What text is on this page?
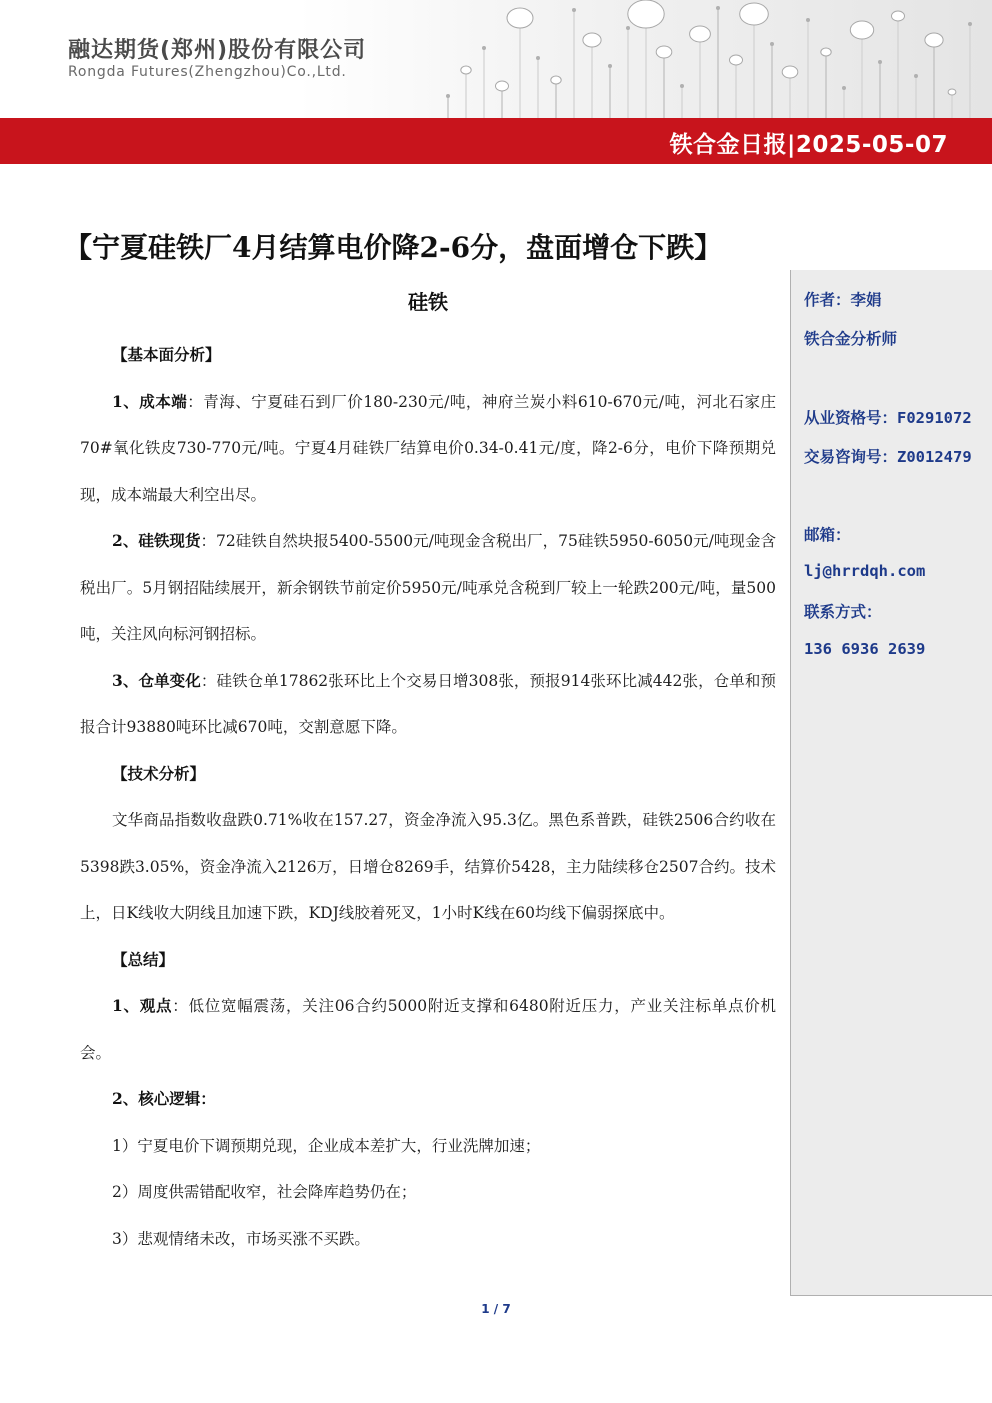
融达期货(郑州)股份有限公司
Rongda Futures(Zhengzhou)Co.,Ltd.
铁合金日报|2025-05-07
【宁夏硅铁厂4月结算电价降2-6分，盘面增仓下跌】
硅铁

【基本面分析】

1、成本端：青海、宁夏硅石到厂价180-230元/吨，神府兰炭小料610-670元/吨，河北石家庄70#氧化铁皮730-770元/吨。宁夏4月硅铁厂结算电价0.34-0.41元/度，降2-6分，电价下降预期兑现，成本端最大利空出尽。

2、硅铁现货：72硅铁自然块报5400-5500元/吨现金含税出厂，75硅铁5950-6050元/吨现金含税出厂。5月钢招陆续展开，新余钢铁节前定价5950元/吨承兑含税到厂较上一轮跌200元/吨，量500吨，关注风向标河钢招标。

3、仓单变化：硅铁仓单17862张环比上个交易日增308张，预报914张环比减442张，仓单和预报合计93880吨环比减670吨，交割意愿下降。

【技术分析】

文华商品指数收盘跌0.71%收在157.27，资金净流入95.3亿。黑色系普跌，硅铁2506合约收在5398跌3.05%，资金净流入2126万，日增仓8269手，结算价5428，主力陆续移仓2507合约。技术上，日K线收大阴线且加速下跌，KDJ线胶着死叉，1小时K线在60均线下偏弱探底中。

【总结】

1、观点：低位宽幅震荡，关注06合约5000附近支撑和6480附近压力，产业关注标单点价机会。

2、核心逻辑：

1）宁夏电价下调预期兑现，企业成本差扩大，行业洗牌加速；

2）周度供需错配收窄，社会降库趋势仍在；

3）悲观情绪未改，市场买涨不买跌。

作者：李娟
铁合金分析师
从业资格号：F0291072
交易咨询号：Z0012479
邮箱：
lj@hrrdqh.com
联系方式：
136 6936 2639
1 / 7
